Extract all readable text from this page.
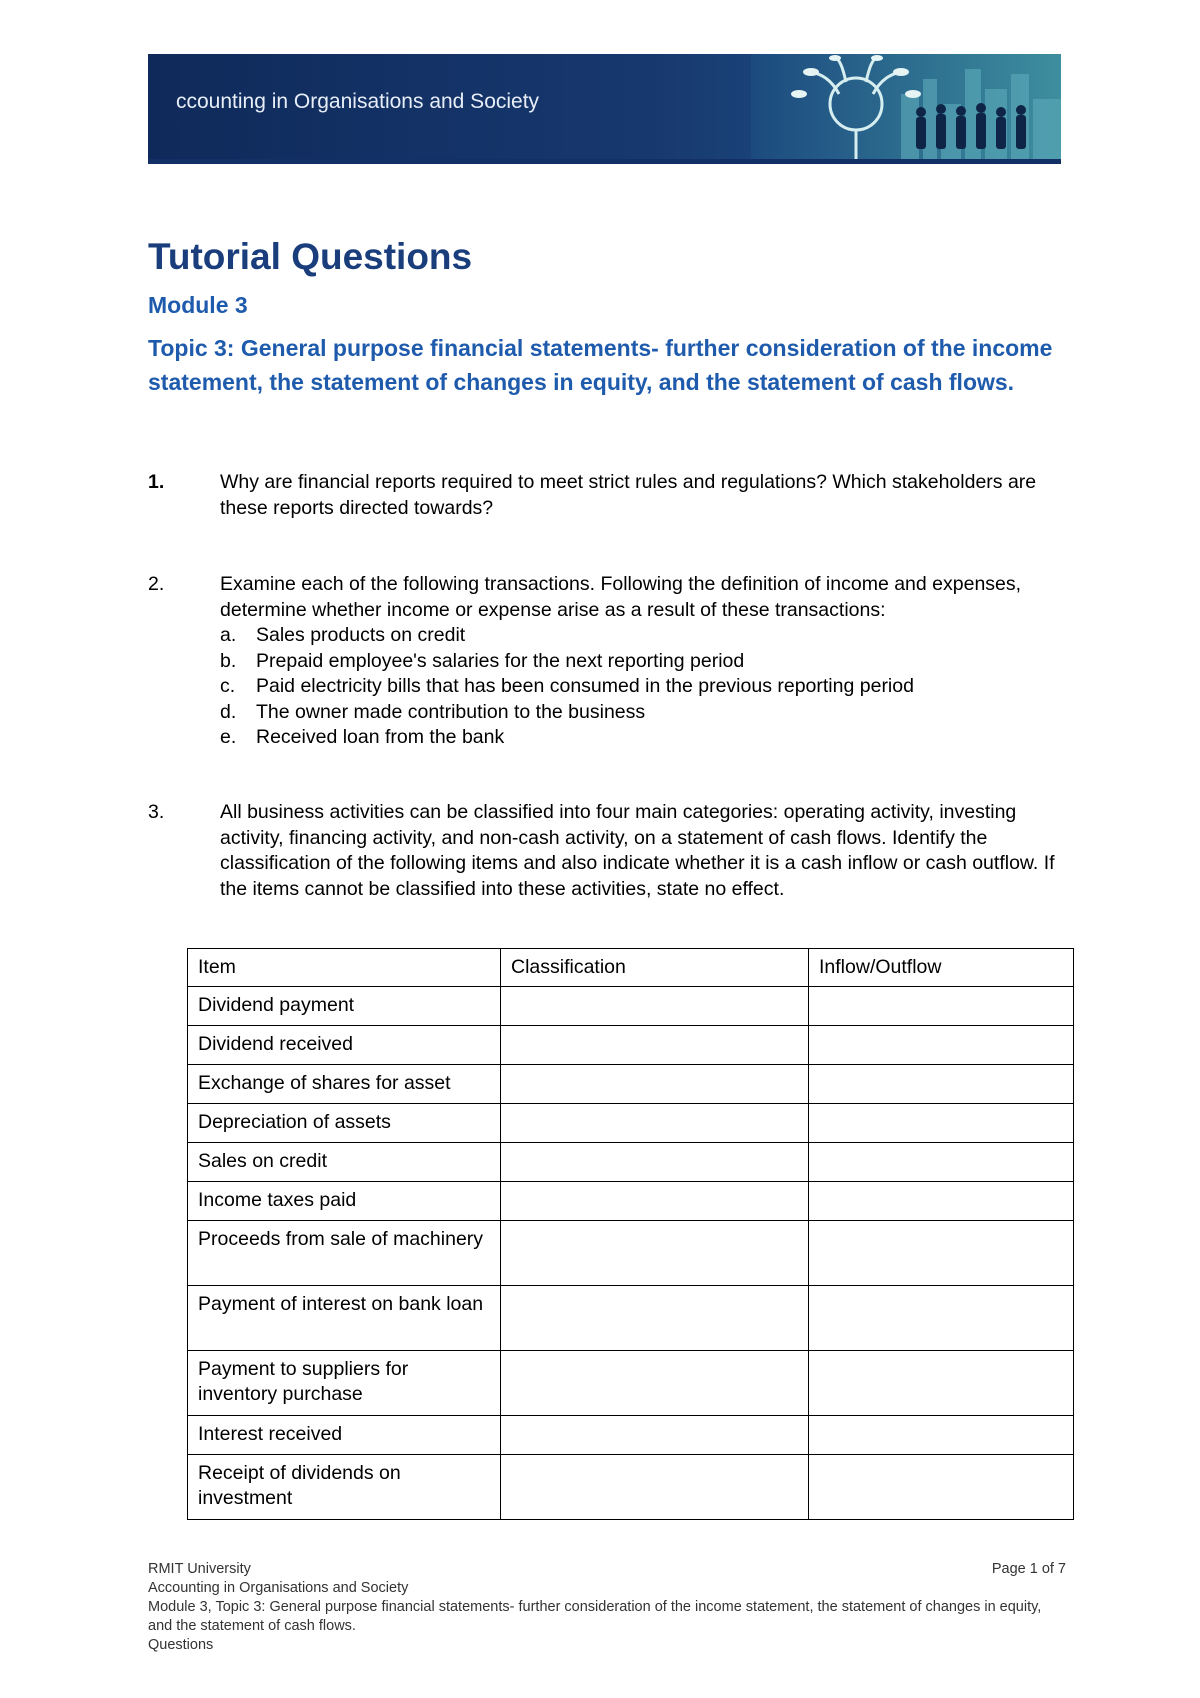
ccounting in Organisations and Society
Tutorial Questions
Module 3
Topic 3: General purpose financial statements- further consideration of the income statement, the statement of changes in equity, and the statement of cash flows.
1.	Why are financial reports required to meet strict rules and regulations? Which stakeholders are these reports directed towards?
2.	Examine each of the following transactions. Following the definition of income and expenses, determine whether income or expense arise as a result of these transactions:
a. Sales products on credit
b. Prepaid employee's salaries for the next reporting period
c. Paid electricity bills that has been consumed in the previous reporting period
d. The owner made contribution to the business
e. Received loan from the bank
3.	All business activities can be classified into four main categories: operating activity, investing activity, financing activity, and non-cash activity, on a statement of cash flows. Identify the classification of the following items and also indicate whether it is a cash inflow or cash outflow. If the items cannot be classified into these activities, state no effect.
Item	Classification	Inflow/Outflow
Dividend payment		
Dividend received		
Exchange of shares for asset		
Depreciation of assets		
Sales on credit		
Income taxes paid		
Proceeds from sale of machinery		
Payment of interest on bank loan		
Payment to suppliers for inventory purchase		
Interest received		
Receipt of dividends on investment		
RMIT University	Page 1 of 7
Accounting in Organisations and Society
Module 3, Topic 3: General purpose financial statements- further consideration of the income statement, the statement of changes in equity, and the statement of cash flows.
Questions
